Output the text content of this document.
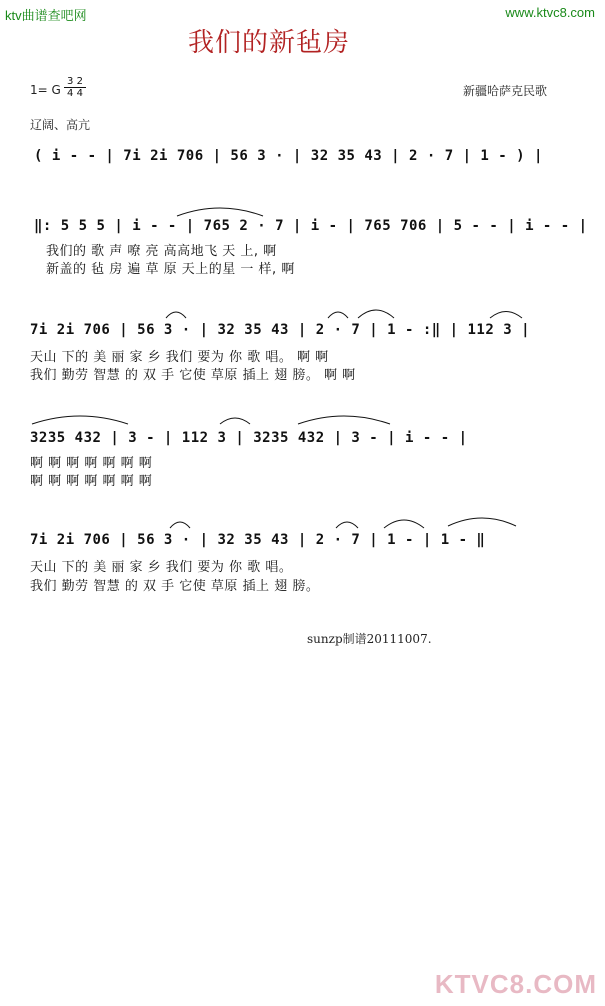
ktv曲谱查吧网	www.ktvc8.com
我们的新毡房
1= G
3 2
4 4	新疆哈萨克民歌
辽阔、高亢
( i - - | 7i 2i 706 | 56 3 · | 32 35 43 | 2 · 7 | 1 - ) |
‖: 5 5 5 | i - - | 765 2 · 7 | i - | 765 706 | 5 - - | i - - |
我们的 歌 声 嘹 亮 高高地飞 天 上, 啊
新盖的 毡 房 遍 草 原 天上的星 一 样, 啊
7i 2i 706 | 56 3 · | 32 35 43 | 2 · 7 | 1 - :‖ | 112 3 |
天山 下的 美 丽 家 乡 我们 要为 你 歌 唱。 啊 啊
我们 勤劳 智慧 的 双 手 它使 草原 插上 翅 膀。 啊 啊
3235 432 | 3 - | 112 3 | 3235 432 | 3 - | i - - |
啊 啊 啊 啊 啊 啊 啊
啊 啊 啊 啊 啊 啊 啊
7i 2i 706 | 56 3 · | 32 35 43 | 2 · 7 | 1 - | 1 - ‖
天山 下的 美 丽 家 乡 我们 要为 你 歌 唱。
我们 勤劳 智慧 的 双 手 它使 草原 插上 翅 膀。
sunzp制谱20111007.
KTVC8.COM
